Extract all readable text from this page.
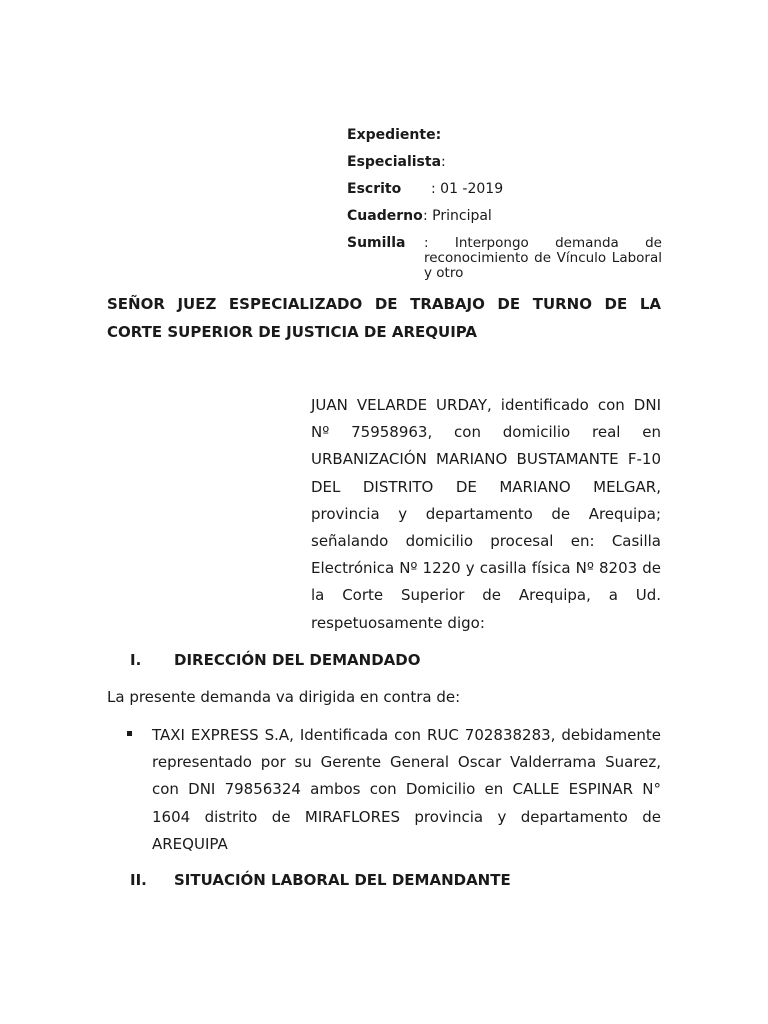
Expediente:
Especialista:
Escrito : 01 -2019
Cuaderno : Principal
Sumilla : Interpongo demanda de reconocimiento de Vínculo Laboral y otro
SEÑOR JUEZ ESPECIALIZADO DE TRABAJO DE TURNO DE LA CORTE SUPERIOR DE JUSTICIA DE AREQUIPA
JUAN VELARDE URDAY, identificado con DNI Nº 75958963, con domicilio real en URBANIZACIÓN MARIANO BUSTAMANTE F-10 DEL DISTRITO DE MARIANO MELGAR, provincia y departamento de Arequipa; señalando domicilio procesal en: Casilla Electrónica Nº 1220 y casilla física Nº 8203 de la Corte Superior de Arequipa, a Ud. respetuosamente digo:
I. DIRECCIÓN DEL DEMANDADO
La presente demanda va dirigida en contra de:
TAXI EXPRESS S.A, Identificada con RUC 702838283, debidamente representado por su Gerente General Oscar Valderrama Suarez, con DNI 79856324 ambos con Domicilio en CALLE ESPINAR N° 1604 distrito de MIRAFLORES provincia y departamento de AREQUIPA
II. SITUACIÓN LABORAL DEL DEMANDANTE
